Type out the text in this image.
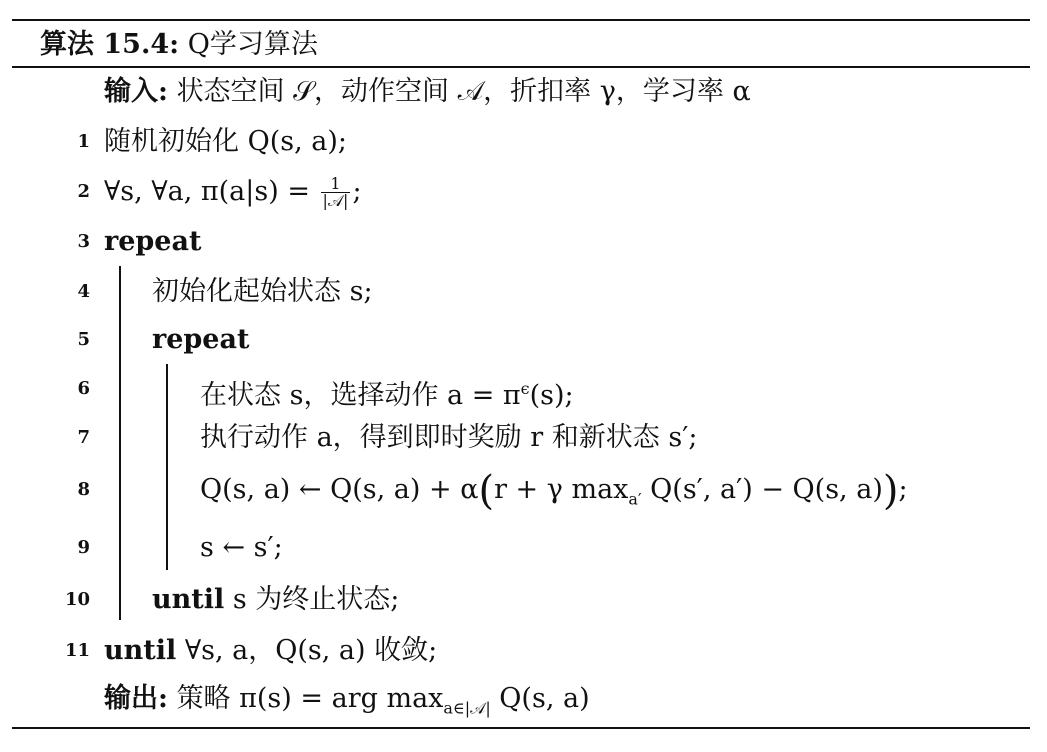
算法 15.4: Q学习算法
输入: 状态空间 𝒮，动作空间 𝒜，折扣率 γ，学习率 α
1 随机初始化 Q(s, a);
2 ∀s, ∀a, $\pi(a|s) = \frac{1}{\text{|𝒜|}}$ ;
3 repeat
4 初始化起始状态 s;
5 repeat
6	在状态 s，选择动作 $a = \pi^\epsilon(s)$;
7	执行动作 a，得到即时奖励 r 和新状态 s′;
8	Q(s, a) ← Q(s, a) + α(r + γ $\max_{a'} Q(s'$, a′) − Q(s, a));
9	s ← s′;
10 until s 为终止状态;
11 until ∀s, a，Q(s, a) 收敛;
输出: 策略 π(s) = arg $\max_{a\in|𝒜|} Q(s$, a)
